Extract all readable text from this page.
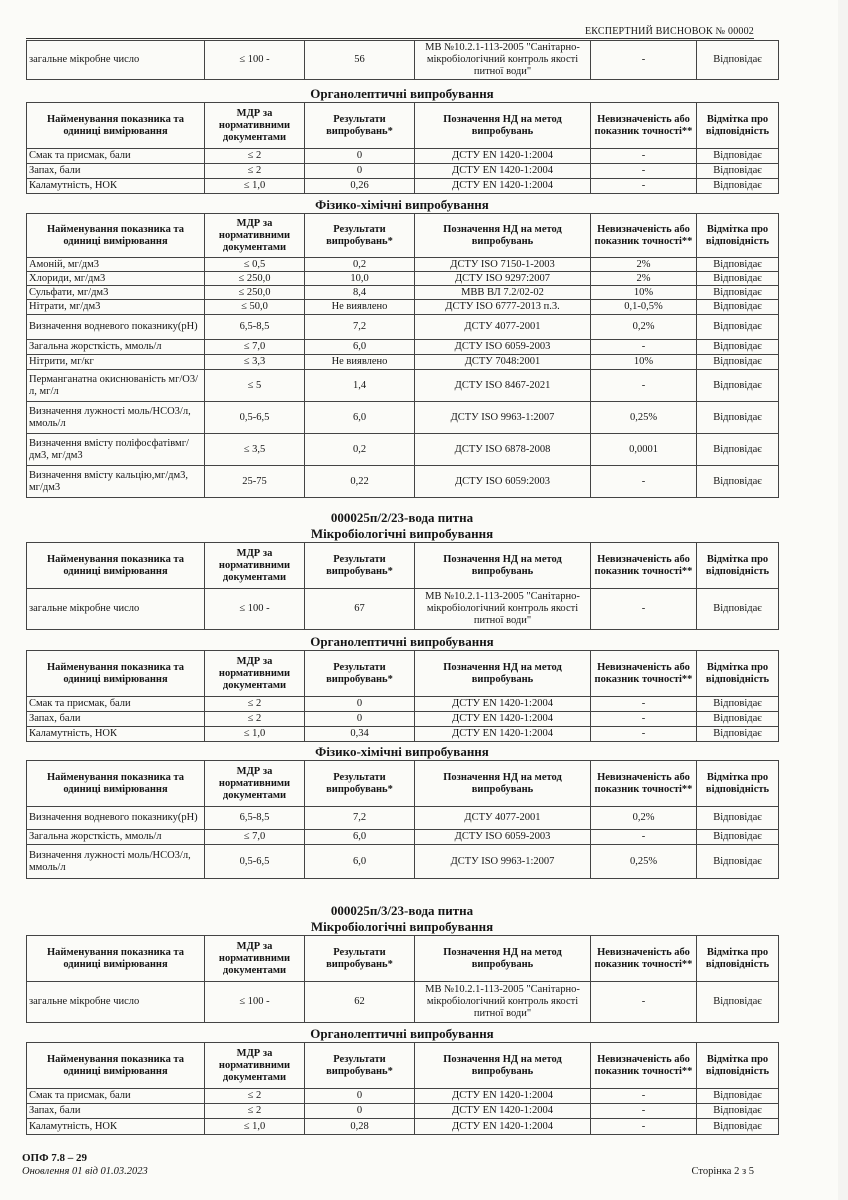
ЕКСПЕРТНИЙ ВИСНОВОК № 00002
000025п/2/23-вода питна
000025п/3/23-вода питна
загальне мікробне число	≤ 100 -	56	МВ №10.2.1-113-2005 "Санітарно-мікробіологічний контроль якості питної води"	-	Відповідає
Органолептичні випробування
Найменування показника та одиниці вимірювання	МДР за нормативними документами	Результати випробувань*	Позначення НД на метод випробувань	Невизначеність або показник точності**	Відмітка про відповідність
Смак та присмак, бали	≤ 2	0	ДСТУ EN 1420-1:2004	-	Відповідає
Запах, бали	≤ 2	0	ДСТУ EN 1420-1:2004	-	Відповідає
Каламутність, НОК	≤ 1,0	0,26	ДСТУ EN 1420-1:2004	-	Відповідає
Фізико-хімічні випробування
Найменування показника та одиниці вимірювання	МДР за нормативними документами	Результати випробувань*	Позначення НД на метод випробувань	Невизначеність або показник точності**	Відмітка про відповідність
Амоній, мг/дм3	≤ 0,5	0,2	ДСТУ ISO 7150-1-2003	2%	Відповідає
Хлориди, мг/дм3	≤ 250,0	10,0	ДСТУ ISO 9297:2007	2%	Відповідає
Сульфати, мг/дм3	≤ 250,0	8,4	МВВ ВЛ 7.2/02-02	10%	Відповідає
Нітрати, мг/дм3	≤ 50,0	Не виявлено	ДСТУ ISO 6777-2013 п.3.	0,1-0,5%	Відповідає
Визначення водневого показнику(pH)	6,5-8,5	7,2	ДСТУ 4077-2001	0,2%	Відповідає
Загальна жорсткість, ммоль/л	≤ 7,0	6,0	ДСТУ ISO 6059-2003	-	Відповідає
Нітрити, мг/кг	≤ 3,3	Не виявлено	ДСТУ 7048:2001	10%	Відповідає
Перманганатна окиснюваність мг/О3/л, мг/л	≤ 5	1,4	ДСТУ ISO 8467-2021	-	Відповідає
Визначення лужності моль/НСО3/л, ммоль/л	0,5-6,5	6,0	ДСТУ ISO 9963-1:2007	0,25%	Відповідає
Визначення вмісту поліфосфатівмг/дм3, мг/дм3	≤ 3,5	0,2	ДСТУ ISO 6878-2008	0,0001	Відповідає
Визначення вмісту кальцію,мг/дм3, мг/дм3	25-75	0,22	ДСТУ ISO 6059:2003	-	Відповідає
Мікробіологічні випробування
Найменування показника та одиниці вимірювання	МДР за нормативними документами	Результати випробувань*	Позначення НД на метод випробувань	Невизначеність або показник точності**	Відмітка про відповідність
загальне мікробне число	≤ 100 -	67	МВ №10.2.1-113-2005 "Санітарно-мікробіологічний контроль якості питної води"	-	Відповідає
Органолептичні випробування
Найменування показника та одиниці вимірювання	МДР за нормативними документами	Результати випробувань*	Позначення НД на метод випробувань	Невизначеність або показник точності**	Відмітка про відповідність
Смак та присмак, бали	≤ 2	0	ДСТУ EN 1420-1:2004	-	Відповідає
Запах, бали	≤ 2	0	ДСТУ EN 1420-1:2004	-	Відповідає
Каламутність, НОК	≤ 1,0	0,34	ДСТУ EN 1420-1:2004	-	Відповідає
Фізико-хімічні випробування
Найменування показника та одиниці вимірювання	МДР за нормативними документами	Результати випробувань*	Позначення НД на метод випробувань	Невизначеність або показник точності**	Відмітка про відповідність
Визначення водневого показнику(pH)	6,5-8,5	7,2	ДСТУ 4077-2001	0,2%	Відповідає
Загальна жорсткість, ммоль/л	≤ 7,0	6,0	ДСТУ ISO 6059-2003	-	Відповідає
Визначення лужності моль/НСО3/л, ммоль/л	0,5-6,5	6,0	ДСТУ ISO 9963-1:2007	0,25%	Відповідає
Мікробіологічні випробування
Найменування показника та одиниці вимірювання	МДР за нормативними документами	Результати випробувань*	Позначення НД на метод випробувань	Невизначеність або показник точності**	Відмітка про відповідність
загальне мікробне число	≤ 100 -	62	МВ №10.2.1-113-2005 "Санітарно-мікробіологічний контроль якості питної води"	-	Відповідає
Органолептичні випробування
Найменування показника та одиниці вимірювання	МДР за нормативними документами	Результати випробувань*	Позначення НД на метод випробувань	Невизначеність або показник точності**	Відмітка про відповідність
Смак та присмак, бали	≤ 2	0	ДСТУ EN 1420-1:2004	-	Відповідає
Запах, бали	≤ 2	0	ДСТУ EN 1420-1:2004	-	Відповідає
Каламутність, НОК	≤ 1,0	0,28	ДСТУ EN 1420-1:2004	-	Відповідає
ОПФ 7.8 – 29
Оновлення 01 від 01.03.2023	Сторінка 2 з 5
